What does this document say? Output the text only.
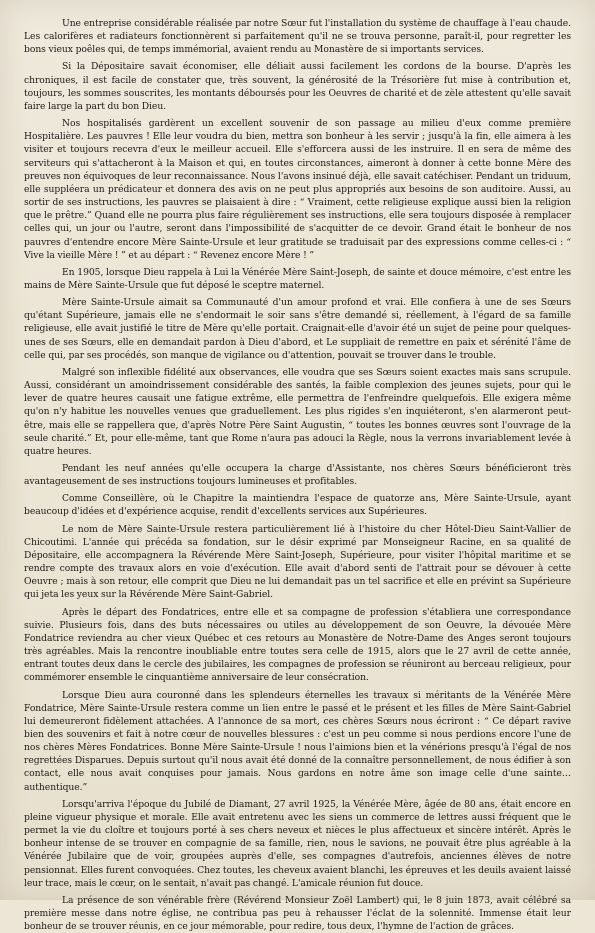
Une entreprise considérable réalisée par notre Sœur fut l'installation du système de chauffage à l'eau chaude. Les calorifères et radiateurs fonctionnèrent si parfaitement qu'il ne se trouva personne, paraît-il, pour regretter les bons vieux poêles qui, de temps immémorial, avaient rendu au Monastère de si importants services.

Si la Dépositaire savait économiser, elle déliait aussi facilement les cordons de la bourse. D'après les chroniques, il est facile de constater que, très souvent, la générosité de la Trésorière fut mise à contribution et, toujours, les sommes souscrites, les montants déboursés pour les Oeuvres de charité et de zèle attestent qu'elle savait faire large la part du bon Dieu.

Nos hospitalisés gardèrent un excellent souvenir de son passage au milieu d'eux comme première Hospitalière. Les pauvres ! Elle leur voudra du bien, mettra son bonheur à les servir ; jusqu'à la fin, elle aimera à les visiter et toujours recevra d'eux le meilleur accueil. Elle s'efforcera aussi de les instruire. Il en sera de même des serviteurs qui s'attacheront à la Maison et qui, en toutes circonstances, aimeront à donner à cette bonne Mère des preuves non équivoques de leur reconnaissance. Nous l'avons insinué déjà, elle savait catéchiser. Pendant un triduum, elle suppléera un prédicateur et donnera des avis on ne peut plus appropriés aux besoins de son auditoire. Aussi, au sortir de ses instructions, les pauvres se plaisaient à dire : “ Vraiment, cette religieuse explique aussi bien la religion que le prêtre.” Quand elle ne pourra plus faire régulièrement ses instructions, elle sera toujours disposée à remplacer celles qui, un jour ou l'autre, seront dans l'impossibilité de s'acquitter de ce devoir. Grand était le bonheur de nos pauvres d'entendre encore Mère Sainte-Ursule et leur gratitude se traduisait par des expressions comme celles-ci : “ Vive la vieille Mère ! ” et au départ : “ Revenez encore Mère ! ”

En 1905, lorsque Dieu rappela à Lui la Vénérée Mère Saint-Joseph, de sainte et douce mémoire, c'est entre les mains de Mère Sainte-Ursule que fut déposé le sceptre maternel.

Mère Sainte-Ursule aimait sa Communauté d'un amour profond et vrai. Elle confiera à une de ses Sœurs qu'étant Supérieure, jamais elle ne s'endormait le soir sans s'être demandé si, réellement, à l'égard de sa famille religieuse, elle avait justifié le titre de Mère qu'elle portait. Craignait-elle d'avoir été un sujet de peine pour quelques-unes de ses Sœurs, elle en demandait pardon à Dieu d'abord, et Le suppliait de remettre en paix et sérénité l'âme de celle qui, par ses procédés, son manque de vigilance ou d'attention, pouvait se trouver dans le trouble.

Malgré son inflexible fidélité aux observances, elle voudra que ses Sœurs soient exactes mais sans scrupule. Aussi, considérant un amoindrissement considérable des santés, la faible complexion des jeunes sujets, pour qui le lever de quatre heures causait une fatigue extrême, elle permettra de l'enfreindre quelquefois. Elle exigera même qu'on n'y habitue les nouvelles venues que graduellement. Les plus rigides s'en inquiéteront, s'en alarmeront peut-être, mais elle se rappellera que, d'après Notre Père Saint Augustin, “ toutes les bonnes œuvres sont l'ouvrage de la seule charité.” Et, pour elle-même, tant que Rome n'aura pas adouci la Règle, nous la verrons invariablement levée à quatre heures.

Pendant les neuf années qu'elle occupera la charge d'Assistante, nos chères Sœurs bénéficieront très avantageusement de ses instructions toujours lumineuses et profitables.

Comme Conseillère, où le Chapitre la maintiendra l'espace de quatorze ans, Mère Sainte-Ursule, ayant beaucoup d'idées et d'expérience acquise, rendit d'excellents services aux Supérieures.

Le nom de Mère Sainte-Ursule restera particulièrement lié à l'histoire du cher Hôtel-Dieu Saint-Vallier de Chicoutimi. L'année qui précéda sa fondation, sur le désir exprimé par Monseigneur Racine, en sa qualité de Dépositaire, elle accompagnera la Révérende Mère Saint-Joseph, Supérieure, pour visiter l'hôpital maritime et se rendre compte des travaux alors en voie d'exécution. Elle avait d'abord senti de l'attrait pour se dévouer à cette Oeuvre ; mais à son retour, elle comprit que Dieu ne lui demandait pas un tel sacrifice et elle en prévint sa Supérieure qui jeta les yeux sur la Révérende Mère Saint-Gabriel.

Après le départ des Fondatrices, entre elle et sa compagne de profession s'établiera une correspondance suivie. Plusieurs fois, dans des buts nécessaires ou utiles au développement de son Oeuvre, la dévouée Mère Fondatrice reviendra au cher vieux Québec et ces retours au Monastère de Notre-Dame des Anges seront toujours très agréables. Mais la rencontre inoubliable entre toutes sera celle de 1915, alors que le 27 avril de cette année, entrant toutes deux dans le cercle des jubilaires, les compagnes de profession se réuniront au berceau religieux, pour commémorer ensemble le cinquantième anniversaire de leur consécration.

Lorsque Dieu aura couronné dans les splendeurs éternelles les travaux si méritants de la Vénérée Mère Fondatrice, Mère Sainte-Ursule restera comme un lien entre le passé et le présent et les filles de Mère Saint-Gabriel lui demeureront fidèlement attachées. A l'annonce de sa mort, ces chères Sœurs nous écriront : “ Ce départ ravive bien des souvenirs et fait à notre cœur de nouvelles blessures : c'est un peu comme si nous perdions encore l'une de nos chères Mères Fondatrices. Bonne Mère Sainte-Ursule ! nous l'aimions bien et la vénérions presqu'à l'égal de nos regrettées Disparues. Depuis surtout qu'il nous avait été donné de la connaître personnellement, de nous édifier à son contact, elle nous avait conquises pour jamais. Nous gardons en notre âme son image celle d'une sainte… authentique.”

Lorsqu'arriva l'époque du Jubilé de Diamant, 27 avril 1925, la Vénérée Mère, âgée de 80 ans, était encore en pleine vigueur physique et morale. Elle avait entretenu avec les siens un commerce de lettres aussi fréquent que le permet la vie du cloître et toujours porté à ses chers neveux et nièces le plus affectueux et sincère intérêt. Après le bonheur intense de se trouver en compagnie de sa famille, rien, nous le savions, ne pouvait être plus agréable à la Vénérée Jubilaire que de voir, groupées auprès d'elle, ses compagnes d'autrefois, anciennes élèves de notre pensionnat. Elles furent convoquées. Chez toutes, les cheveux avaient blanchi, les épreuves et les deuils avaient laissé leur trace, mais le cœur, on le sentait, n'avait pas changé. L'amicale réunion fut douce.

La présence de son vénérable frère (Révérend Monsieur Zoël Lambert) qui, le 8 juin 1873, avait célébré sa première messe dans notre église, ne contribua pas peu à rehausser l'éclat de la solennité. Immense était leur bonheur de se trouver réunis, en ce jour mémorable, pour redire, tous deux, l'hymne de l'action de grâces.
